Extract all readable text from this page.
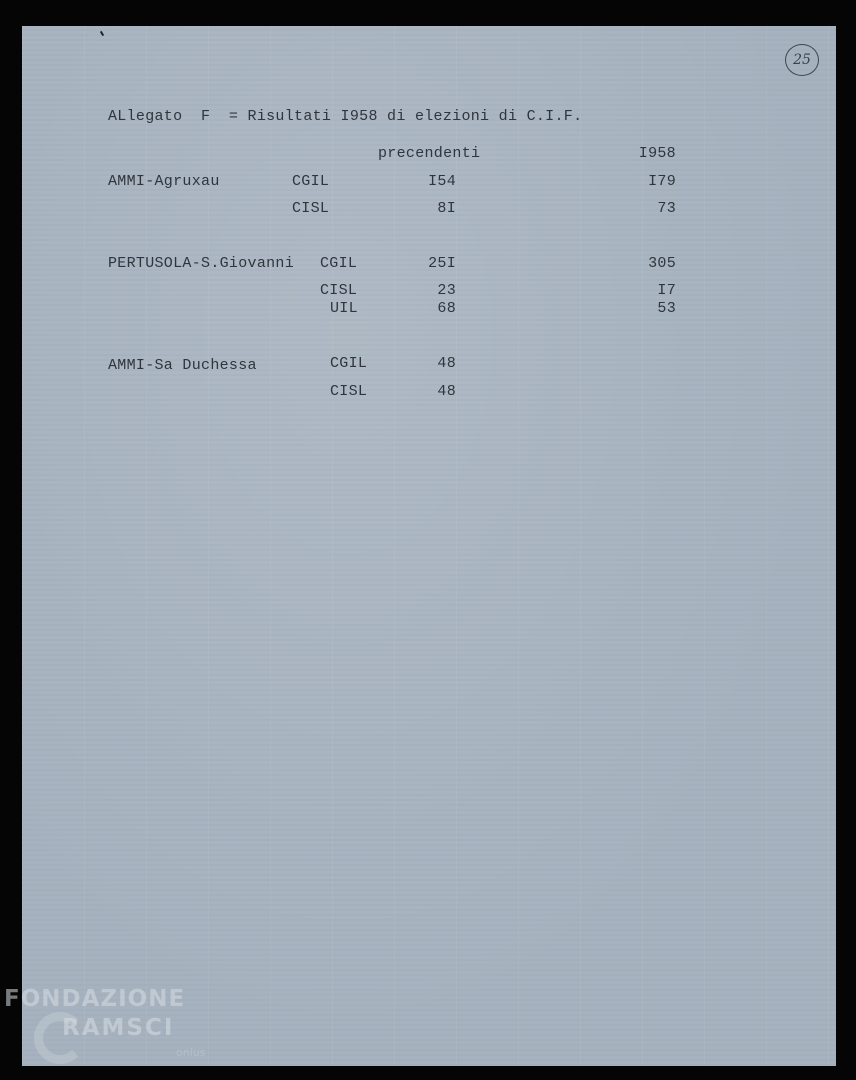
25
ALlegato  F  = Risultati I958 di elezioni di C.I.F.
precendenti	I958
AMMI-Agruxau	CGIL	I54	I79
CISL	8I	73
PERTUSOLA-S.Giovanni CGIL	25I	305
CISL	23	I7
UIL	68	53
AMMI-Sa Duchessa	CGIL	48
CISL	48
FONDAZIONE
RAMSCI
onlus
